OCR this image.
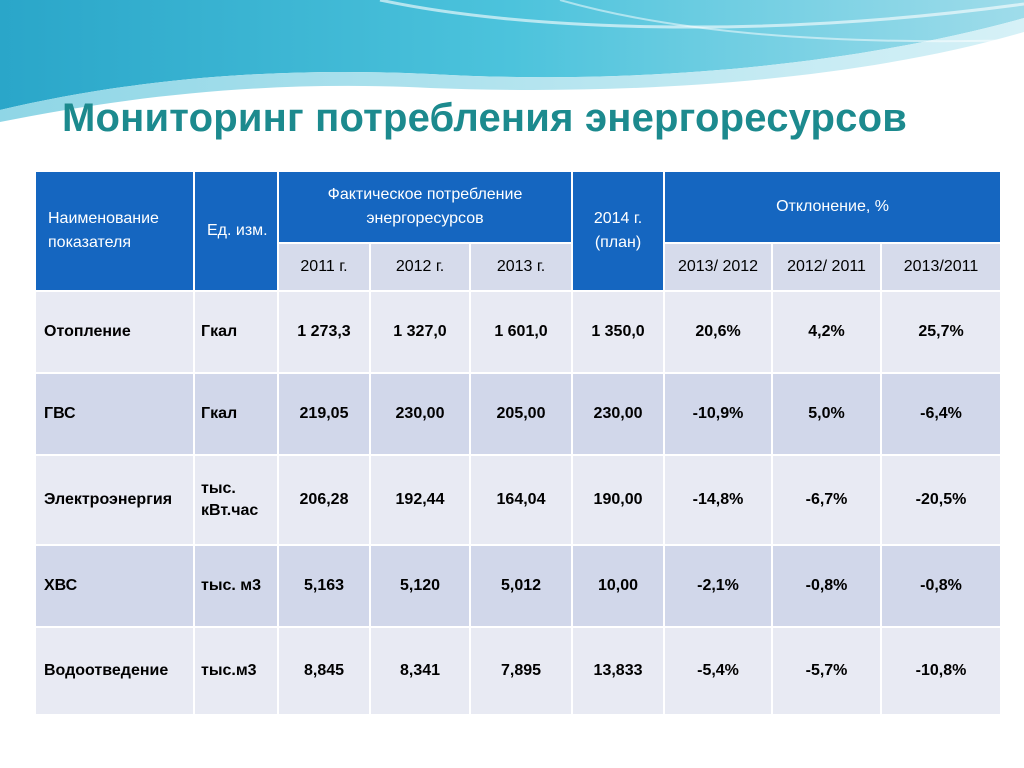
Мониторинг потребления энергоресурсов
Наименование показателя	Ед. изм.	Фактическое потребление энергоресурсов			2014 г. (план)	Отклонение, %		
		2011 г.	2012 г.	2013 г.		2013/ 2012	2012/ 2011	2013/2011
Отопление	Гкал	1 273,3	1 327,0	1 601,0	1 350,0	20,6%	4,2%	25,7%
ГВС	Гкал	219,05	230,00	205,00	230,00	-10,9%	5,0%	-6,4%
Электроэнергия	тыс. кВт.час	206,28	192,44	164,04	190,00	-14,8%	-6,7%	-20,5%
ХВС	тыс. м3	5,163	5,120	5,012	10,00	-2,1%	-0,8%	-0,8%
Водоотведение	тыс.м3	8,845	8,341	7,895	13,833	-5,4%	-5,7%	-10,8%
